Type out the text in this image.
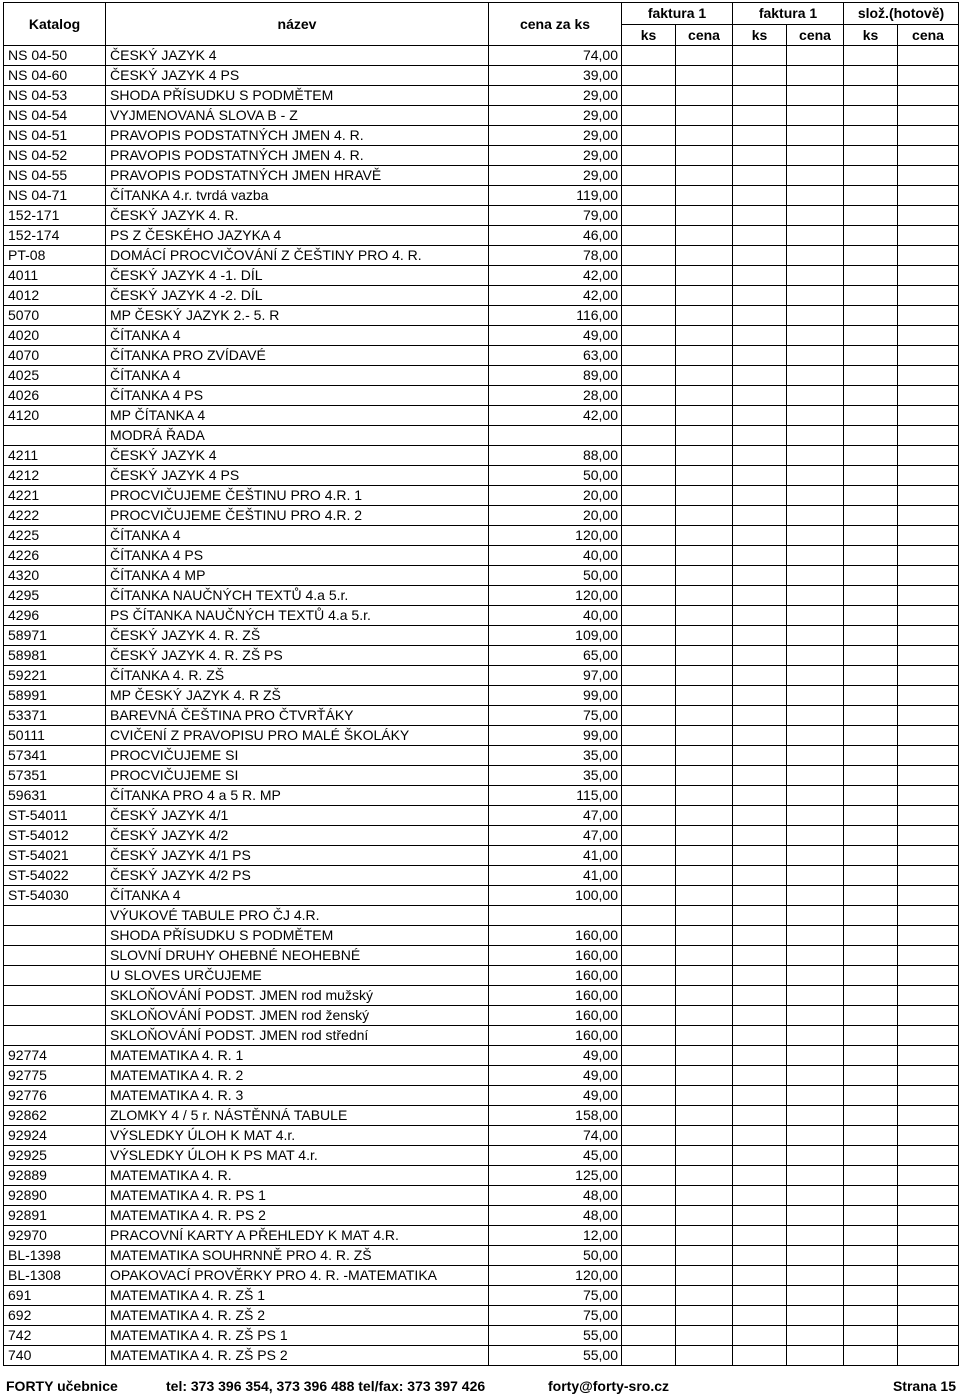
Katalog	název	cena za ks	faktura 1		faktura 1		slož.(hotově)	
			ks	cena	ks	cena	ks	cena
NS 04-50	ČESKÝ JAZYK 4	74,00						
NS 04-60	ČESKÝ JAZYK 4 PS	39,00						
NS 04-53	SHODA PŘÍSUDKU S PODMĚTEM	29,00						
NS 04-54	VYJMENOVANÁ SLOVA B - Z	29,00						
NS 04-51	PRAVOPIS PODSTATNÝCH JMEN 4. R.	29,00						
NS 04-52	PRAVOPIS PODSTATNÝCH JMEN 4. R.	29,00						
NS 04-55	PRAVOPIS PODSTATNÝCH JMEN HRAVĚ	29,00						
NS 04-71	ČÍTANKA 4.r. tvrdá vazba	119,00						
152-171	ČESKÝ JAZYK 4. R.	79,00						
152-174	PS Z ČESKÉHO JAZYKA 4	46,00						
PT-08	DOMÁCÍ PROCVIČOVÁNÍ Z ČEŠTINY PRO 4. R.	78,00						
4011	ČESKÝ JAZYK 4 -1. DÍL	42,00						
4012	ČESKÝ JAZYK 4 -2. DÍL	42,00						
5070	MP ČESKÝ JAZYK 2.- 5. R	116,00						
4020	ČÍTANKA 4	49,00						
4070	ČÍTANKA PRO ZVÍDAVÉ	63,00						
4025	ČÍTANKA 4	89,00						
4026	ČÍTANKA 4 PS	28,00						
4120	MP ČÍTANKA 4	42,00						
	MODRÁ ŘADA							
4211	ČESKÝ JAZYK 4	88,00						
4212	ČESKÝ JAZYK 4 PS	50,00						
4221	PROCVIČUJEME ČEŠTINU PRO 4.R. 1	20,00						
4222	PROCVIČUJEME ČEŠTINU PRO 4.R. 2	20,00						
4225	ČÍTANKA 4	120,00						
4226	ČÍTANKA 4 PS	40,00						
4320	ČÍTANKA 4 MP	50,00						
4295	ČÍTANKA NAUČNÝCH TEXTŮ 4.a 5.r.	120,00						
4296	PS ČÍTANKA NAUČNÝCH TEXTŮ 4.a 5.r.	40,00						
58971	ČESKÝ JAZYK 4. R. ZŠ	109,00						
58981	ČESKÝ JAZYK 4. R. ZŠ PS	65,00						
59221	ČÍTANKA 4. R. ZŠ	97,00						
58991	MP ČESKÝ JAZYK 4. R ZŠ	99,00						
53371	BAREVNÁ ČEŠTINA PRO ČTVRŤÁKY	75,00						
50111	CVIČENÍ Z PRAVOPISU PRO MALÉ ŠKOLÁKY	99,00						
57341	PROCVIČUJEME SI	35,00						
57351	PROCVIČUJEME SI	35,00						
59631	ČÍTANKA PRO 4 a 5 R. MP	115,00						
ST-54011	ČESKÝ JAZYK 4/1	47,00						
ST-54012	ČESKÝ JAZYK 4/2	47,00						
ST-54021	ČESKÝ JAZYK 4/1 PS	41,00						
ST-54022	ČESKÝ JAZYK 4/2 PS	41,00						
ST-54030	ČÍTANKA 4	100,00						
	VÝUKOVÉ TABULE PRO ČJ 4.R.							
	SHODA PŘÍSUDKU S PODMĚTEM	160,00						
	SLOVNÍ DRUHY OHEBNÉ NEOHEBNÉ	160,00						
	U SLOVES URČUJEME	160,00						
	SKLOŇOVÁNÍ PODST. JMEN rod mužský	160,00						
	SKLOŇOVÁNÍ PODST. JMEN rod ženský	160,00						
	SKLOŇOVÁNÍ PODST. JMEN rod střední	160,00						
92774	MATEMATIKA 4. R. 1	49,00						
92775	MATEMATIKA 4. R. 2	49,00						
92776	MATEMATIKA 4. R. 3	49,00						
92862	ZLOMKY 4 / 5 r. NÁSTĚNNÁ TABULE	158,00						
92924	VÝSLEDKY ÚLOH K MAT 4.r.	74,00						
92925	VÝSLEDKY ÚLOH K PS MAT 4.r.	45,00						
92889	MATEMATIKA 4. R.	125,00						
92890	MATEMATIKA 4. R. PS 1	48,00						
92891	MATEMATIKA 4. R. PS 2	48,00						
92970	PRACOVNÍ KARTY A PŘEHLEDY K MAT 4.R.	12,00						
BL-1398	MATEMATIKA SOUHRNNĚ PRO 4. R. ZŠ	50,00						
BL-1308	OPAKOVACÍ PROVĚRKY PRO 4. R. -MATEMATIKA	120,00						
691	MATEMATIKA 4. R. ZŠ 1	75,00						
692	MATEMATIKA 4. R. ZŠ 2	75,00						
742	MATEMATIKA 4. R. ZŠ PS 1	55,00						
740	MATEMATIKA 4. R. ZŠ PS 2	55,00						
FORTY učebnice	tel: 373 396 354, 373 396 488 tel/fax: 373 397 426	forty@forty-sro.cz	Strana 15
